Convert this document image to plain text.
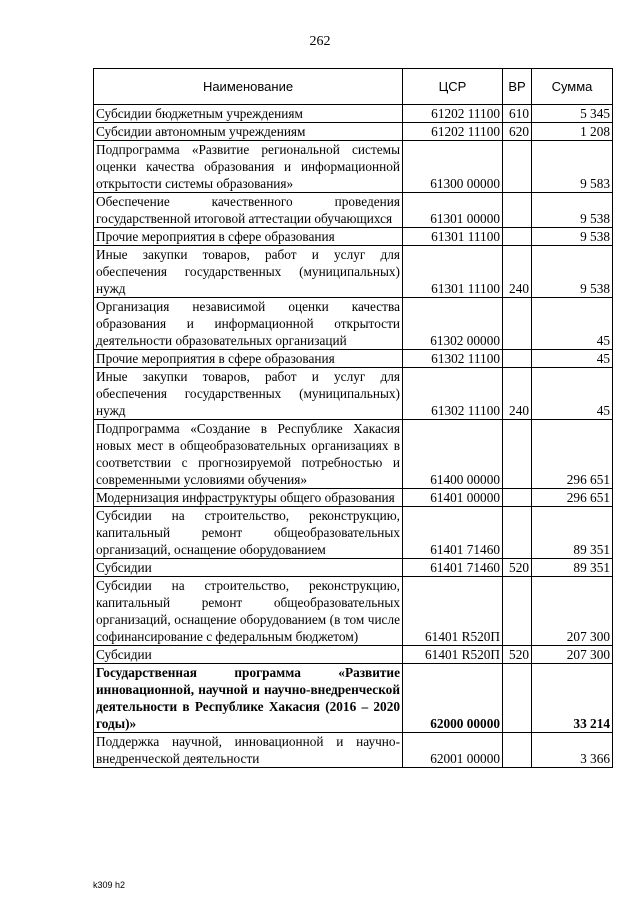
262
Наименование	ЦСР	ВР	Сумма
Субсидии бюджетным учреждениям	61202 11100	610	5 345
Субсидии автономным учреждениям	61202 11100	620	1 208
Подпрограмма «Развитие региональной системы оценки качества образования и информационной открытости системы образования»	61300 00000		9 583
Обеспечение качественного проведения государственной итоговой аттестации обучающихся	61301 00000		9 538
Прочие мероприятия в сфере образования	61301 11100		9 538
Иные закупки товаров, работ и услуг для обеспечения государственных (муниципальных) нужд	61301 11100	240	9 538
Организация независимой оценки качества образования и информационной открытости деятельности образовательных организаций	61302 00000		45
Прочие мероприятия в сфере образования	61302 11100		45
Иные закупки товаров, работ и услуг для обеспечения государственных (муниципальных) нужд	61302 11100	240	45
Подпрограмма «Создание в Республике Хакасия новых мест в общеобразовательных организациях в соответствии с прогнозируемой потребностью и современными условиями обучения»	61400 00000		296 651
Модернизация инфраструктуры общего образования	61401 00000		296 651
Субсидии на строительство, реконструкцию, капитальный ремонт общеобразовательных организаций, оснащение оборудованием	61401 71460		89 351
Субсидии	61401 71460	520	89 351
Субсидии на строительство, реконструкцию, капитальный ремонт общеобразовательных организаций, оснащение оборудованием (в том числе софинансирование с федеральным бюджетом)	61401 R520П		207 300
Субсидии	61401 R520П	520	207 300
Государственная программа «Развитие инновационной, научной и научно-внедренческой деятельности в Республике Хакасия (2016 – 2020 годы)»	62000 00000		33 214
Поддержка научной, инновационной и научно-внедренческой деятельности	62001 00000		3 366
k309 h2
